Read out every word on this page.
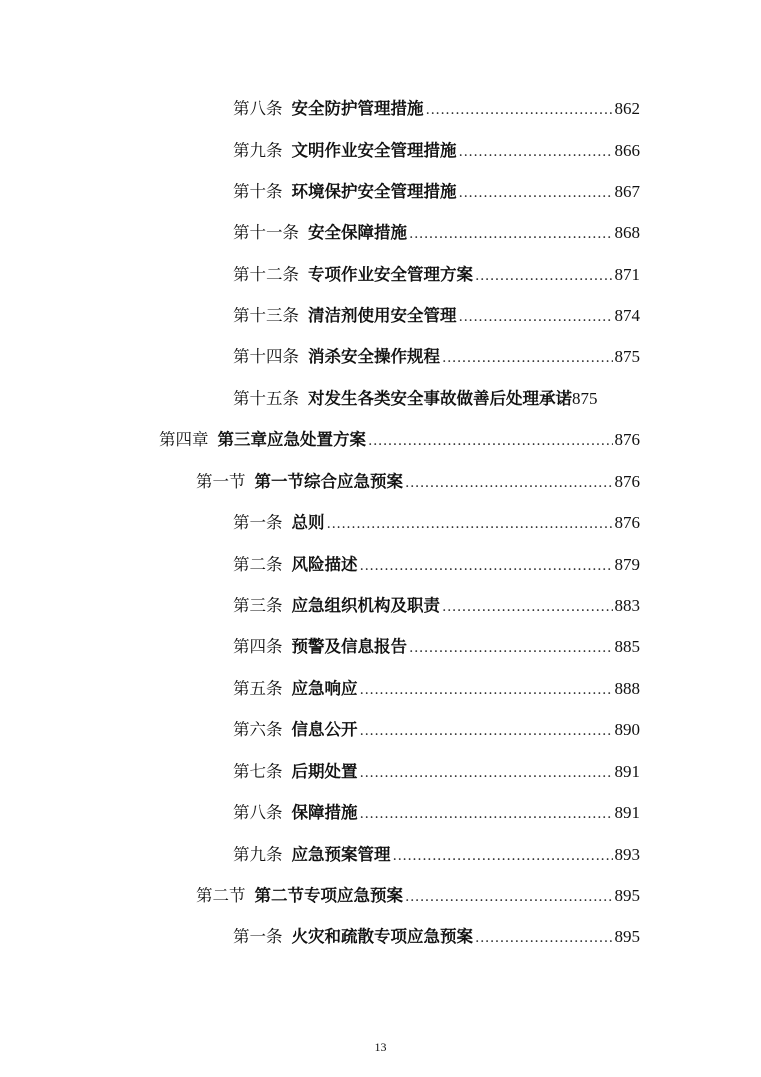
第八条 安全防护管理措施 .....	862
第九条 文明作业安全管理措施 .....	866
第十条 环境保护安全管理措施 .....	867
第十一条 安全保障措施 .....	868
第十二条 专项作业安全管理方案 .....	871
第十三条 清洁剂使用安全管理 .....	874
第十四条 消杀安全操作规程 .....	875
第十五条 对发生各类安全事故做善后处理承诺 875
第四章 第三章应急处置方案 .....	876
第一节 第一节综合应急预案 .....	876
第一条 总则 .....	876
第二条 风险描述 .....	879
第三条 应急组织机构及职责 .....	883
第四条 预警及信息报告 .....	885
第五条 应急响应 .....	888
第六条 信息公开 .....	890
第七条 后期处置 .....	891
第八条 保障措施 .....	891
第九条 应急预案管理 .....	893
第二节 第二节专项应急预案 .....	895
第一条 火灾和疏散专项应急预案 .....	895
13
